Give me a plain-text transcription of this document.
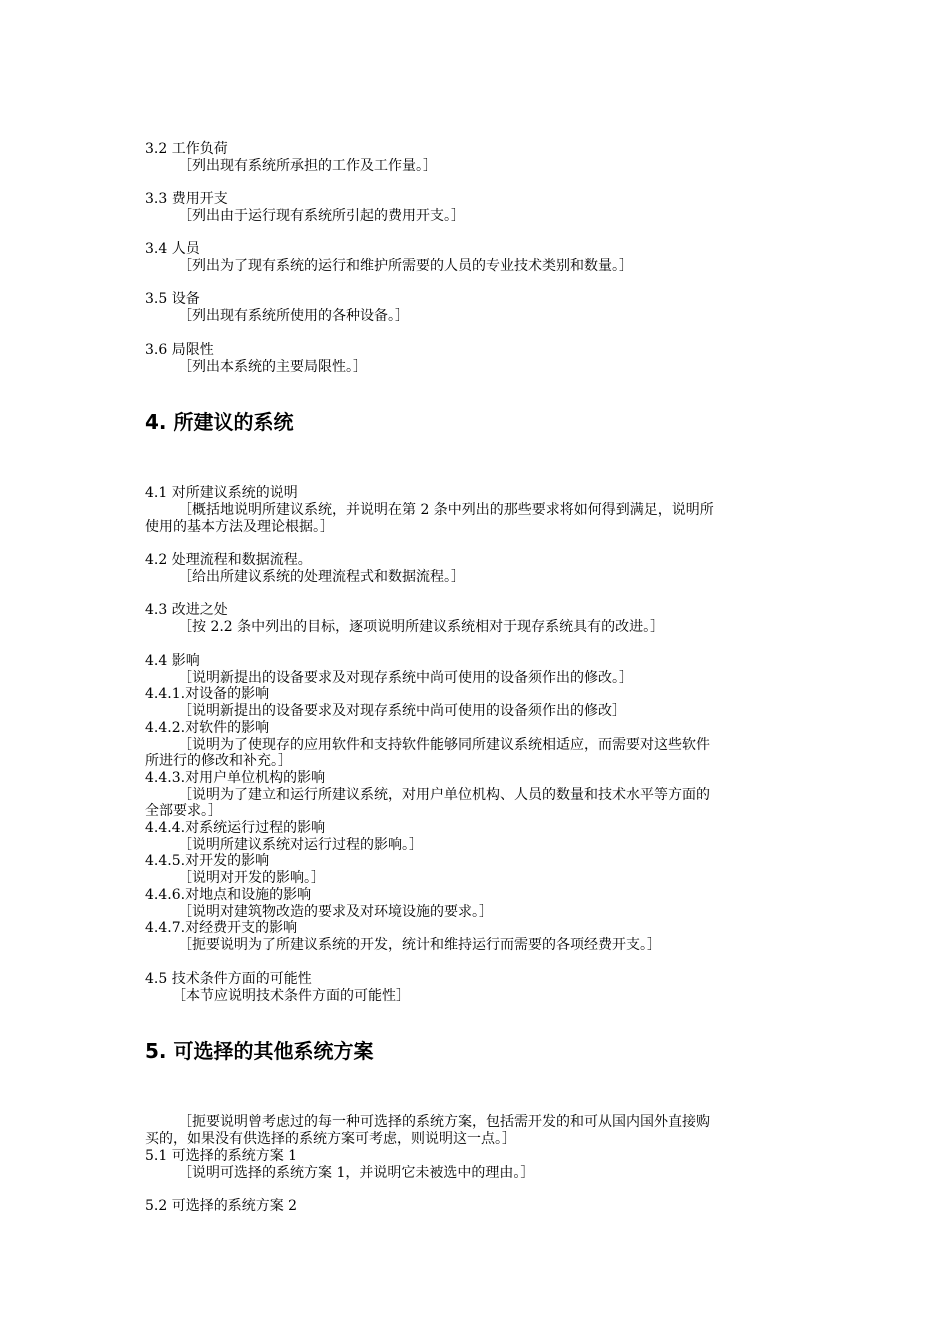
3.2 工作负荷

［列出现有系统所承担的工作及工作量。］

3.3 费用开支

［列出由于运行现有系统所引起的费用开支。］

3.4 人员

［列出为了现有系统的运行和维护所需要的人员的专业技术类别和数量。］

3.5 设备

［列出现有系统所使用的各种设备。］

3.6 局限性

［列出本系统的主要局限性。］

4. 所建议的系统

4.1 对所建议系统的说明

［概括地说明所建议系统，并说明在第 2 条中列出的那些要求将如何得到满足，说明所

使用的基本方法及理论根据。］

4.2 处理流程和数据流程。

［给出所建议系统的处理流程式和数据流程。］

4.3 改进之处

［按 2.2 条中列出的目标，逐项说明所建议系统相对于现存系统具有的改进。］

4.4 影响

［说明新提出的设备要求及对现存系统中尚可使用的设备须作出的修改。］

4.4.1.对设备的影响

［说明新提出的设备要求及对现存系统中尚可使用的设备须作出的修改］

4.4.2.对软件的影响

［说明为了使现存的应用软件和支持软件能够同所建议系统相适应，而需要对这些软件

所进行的修改和补充。］

4.4.3.对用户单位机构的影响

［说明为了建立和运行所建议系统，对用户单位机构、人员的数量和技术水平等方面的

全部要求。］

4.4.4.对系统运行过程的影响

［说明所建议系统对运行过程的影响。］

4.4.5.对开发的影响

［说明对开发的影响。］

4.4.6.对地点和设施的影响

［说明对建筑物改造的要求及对环境设施的要求。］

4.4.7.对经费开支的影响

［扼要说明为了所建议系统的开发，统计和维持运行而需要的各项经费开支。］

4.5 技术条件方面的可能性

［本节应说明技术条件方面的可能性］

5. 可选择的其他系统方案

［扼要说明曾考虑过的每一种可选择的系统方案，包括需开发的和可从国内国外直接购

买的，如果没有供选择的系统方案可考虑，则说明这一点。］

5.1 可选择的系统方案 1

［说明可选择的系统方案 1，并说明它未被选中的理由。］

5.2 可选择的系统方案 2
